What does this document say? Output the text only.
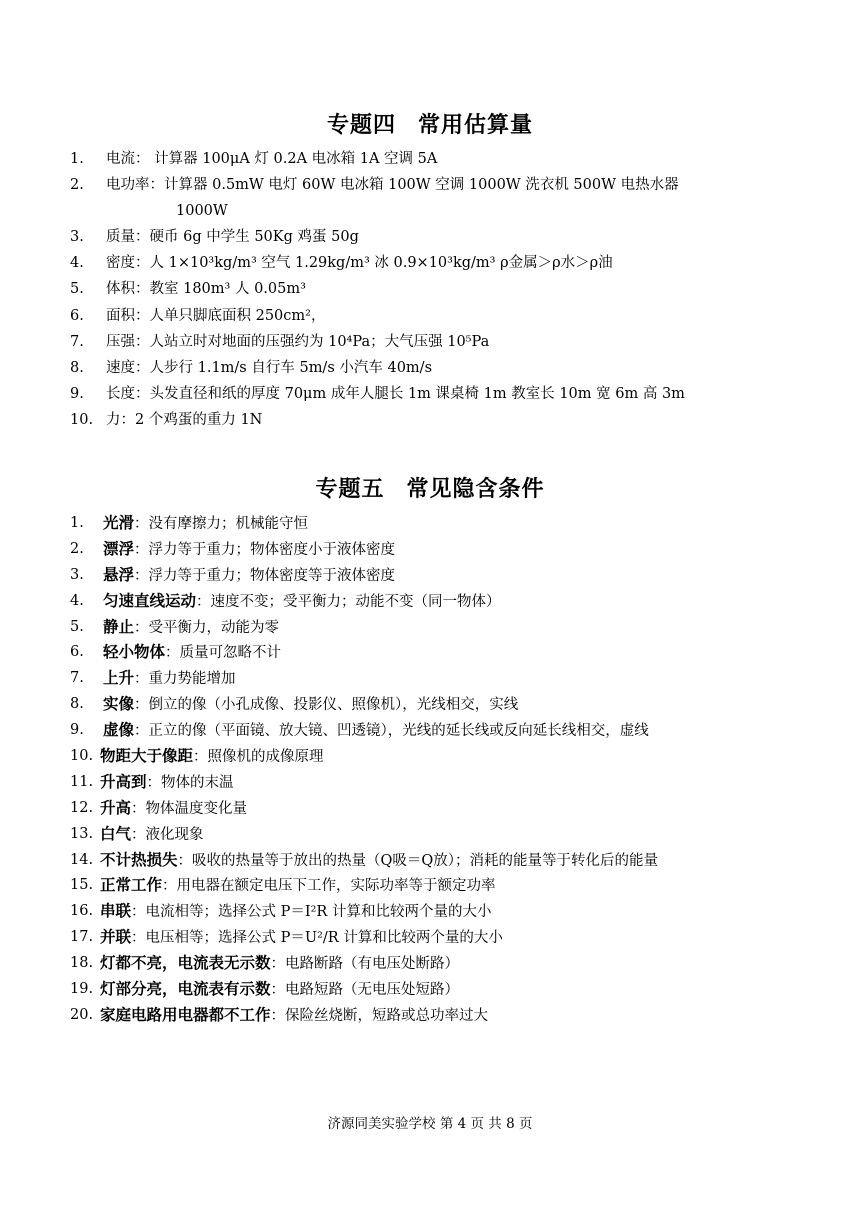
专题四 常用估算量
1.	电流： 计算器 100μA 灯 0.2A 电冰箱 1A 空调 5A
2.	电功率：计算器 0.5mW 电灯 60W 电冰箱 100W 空调 1000W 洗衣机 500W 电热水器
1000W
3.	质量：硬币 6g 中学生 50Kg 鸡蛋 50g
4.	密度：人 1×10³kg/m³ 空气 1.29kg/m³ 冰 0.9×10³kg/m³ ρ金属＞ρ水＞ρ油
5.	体积：教室 180m³ 人 0.05m³
6.	面积：人单只脚底面积 250cm²，
7.	压强：人站立时对地面的压强约为 10⁴Pa；大气压强 10⁵Pa
8.	速度：人步行 1.1m/s 自行车 5m/s 小汽车 40m/s
9.	长度：头发直径和纸的厚度 70μm 成年人腿长 1m 课桌椅 1m 教室长 10m 宽 6m 高 3m
10. 力：2 个鸡蛋的重力 1N
专题五 常见隐含条件
1.	光滑：没有摩擦力；机械能守恒
2.	漂浮：浮力等于重力；物体密度小于液体密度
3.	悬浮：浮力等于重力；物体密度等于液体密度
4.	匀速直线运动：速度不变；受平衡力；动能不变（同一物体）
5.	静止：受平衡力，动能为零
6.	轻小物体：质量可忽略不计
7.	上升：重力势能增加
8.	实像：倒立的像（小孔成像、投影仪、照像机），光线相交，实线
9.	虚像：正立的像（平面镜、放大镜、凹透镜），光线的延长线或反向延长线相交，虚线
10. 物距大于像距：照像机的成像原理
11. 升高到：物体的末温
12. 升高：物体温度变化量
13. 白气：液化现象
14. 不计热损失：吸收的热量等于放出的热量（Q吸＝Q放）；消耗的能量等于转化后的能量
15. 正常工作：用电器在额定电压下工作，实际功率等于额定功率
16. 串联：电流相等；选择公式 P＝I²R 计算和比较两个量的大小
17. 并联：电压相等；选择公式 P＝U²/R 计算和比较两个量的大小
18. 灯都不亮，电流表无示数：电路断路（有电压处断路）
19. 灯部分亮，电流表有示数：电路短路（无电压处短路）
20. 家庭电路用电器都不工作：保险丝烧断，短路或总功率过大
济源同美实验学校 第 4 页 共 8 页
